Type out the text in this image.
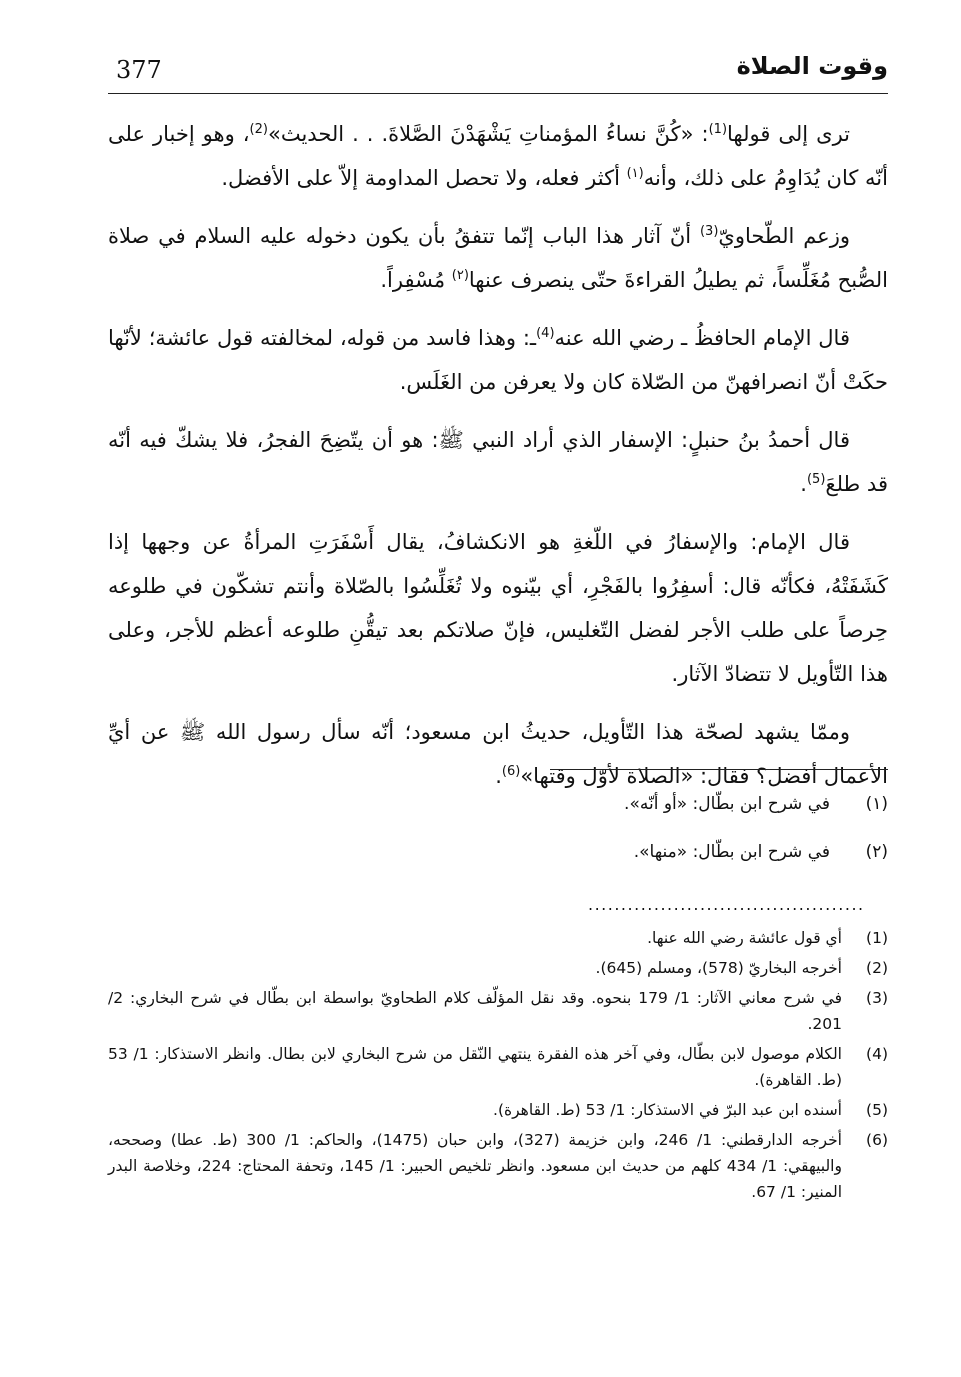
377	وقوت الصلاة

ترى إلى قولها$^{(1)}$: «كُنَّ نساءُ المؤمناتِ يَشْهَدْنَ الصَّلاةَ. . . الحديث»$^{(2)}$، وهو إخبار على أنّه كان يُدَاوِمُ على ذلك، وأنه$^{(١)}$ أكثر فعله، ولا تحصل المداومة إلاّ على الأفضل.

وزعم الطّحاويّ$^{(3)}$ أنّ آثار هذا الباب إنّما تتفقُ بأن يكون دخوله عليه السلام في صلاة الصُّبح مُغَلِّساً، ثم يطيلُ القراءةَ حتّى ينصرف عنها$^{(٢)}$ مُسْفِراً.

قال الإمام الحافظُ ـ رضي الله عنه$^{(4)}$ـ: وهذا فاسد من قوله، لمخالفته قول عائشة؛ لأنّها حكَتْ أنّ انصرافهنّ من الصّلاة كان ولا يعرفن من الغَلَس.

قال أحمدُ بنُ حنبلٍ: الإسفار الذي أراد النبي ﷺ: هو أن يتّضِحَ الفجرُ، فلا يشكّ فيه أنّه قد طلعَ$^{(5)}$.

قال الإمام: والإسفارُ في اللّغةِ هو الانكشافُ، يقال أَسْفَرَتِ المرأةُ عن وجهها إذا كَشَفَتْهُ، فكأنّه قال: أسفِرُوا بالفَجْرِ، أي بيّنوه ولا تُغَلِّسُوا بالصّلاة وأنتم تشكّون في طلوعه حِرصاً على طلب الأجر لفضل التّغليس، فإنّ صلاتكم بعد تيقُّنِ طلوعه أعظم للأجر، وعلى هذا التّأويل لا تتضادّ الآثار.

وممّا يشهد لصحّة هذا التّأويل، حديثُ ابن مسعود؛ أنّه سأل رسول الله ﷺ عن أيِّ الأعمال أفضل؟ فقال: «الصلاة لأوّل وقتها»$^{(6)}$.

(١)
في شرح ابن بطّال: «أو أنّه».
(٢)
في شرح ابن بطّال: «منها».
..........................................
(1)
أي قول عائشة رضي الله عنها.
(2)
أخرجه البخاريّ (578)، ومسلم (645).
(3)
في شرح معاني الآثار: 1/ 179 بنحوه. وقد نقل المؤلّف كلام الطحاويّ بواسطة ابن بطّال في شرح البخاري: 2/ 201.
(4)
الكلام موصول لابن بطّال، وفي آخر هذه الفقرة ينتهي النّقل من شرح البخاري لابن بطال. وانظر الاستذكار: 1/ 53 (ط. القاهرة).
(5)
أسنده ابن عبد البرّ في الاستذكار: 1/ 53 (ط. القاهرة).
(6)
أخرجه الدارقطني: 1/ 246، وابن خزيمة (327)، وابن حبان (1475)، والحاكم: 1/ 300 (ط. عطا) وصححه، والبيهقي: 1/ 434 كلهم من حديث ابن مسعود. وانظر تلخيص الحبير: 1/ 145، وتحفة المحتاج: 224، وخلاصة البدر المنير: 1/ 67.
